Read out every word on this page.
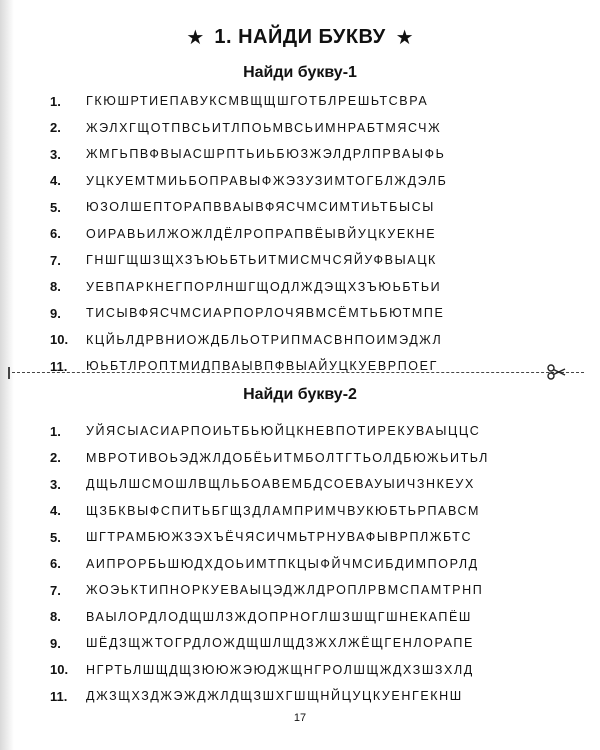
★ 1. НАЙДИ БУКВУ ★
Найди букву-1
1.	ГКЮШРТИЕПАВУКСМВЩЩШГОТБЛРЕШЬТСВРА
2.	ЖЭЛХГЩОТПВСЬИТЛПОЬМВСЬИМНРАБТМЯСЧЖ
3.	ЖМГЬПВФВЫАСШРПТЬИЬБЮЗЖЭЛДРЛПРВАЫФЬ
4.	УЦКУЕМТМИЬБОПРАВЫФЖЭЗУЗИМТОГБЛЖДЭЛБ
5.	ЮЗОЛШЕПТОРАПВВАЫВФЯСЧМСИМТИЬТБЫСЫ
6.	ОИРАВЬИЛЖОЖЛДЁЛРОПРАПВЁЫВЙУЦКУЕКНЕ
7.	ГНШГЩШЗЩХЗЪЮЬБТЬИТМИСМЧСЯЙУФВЫАЦК
8.	УЕВПАРКНЕГПОРЛНШГЩОДЛЖДЭЩХЗЪЮЬБТЬИ
9.	ТИСЫВФЯСЧМСИАРПОРЛОЧЯВМСЁМТЬБЮТМПЕ
10.	КЦЙЬЛДРВНИОЖДБЛЬОТРИПМАСВНПОИМЭДЖЛ
11.	ЮЬБТЛРОПТМИДПВАЫВПФВЫАЙУЦКУЕВРПОЕГ
Найди букву-2
1.	УЙЯСЫАСИАРПОИЬТБЬЮЙЦКНЕВПОТИРЕКУВАЫЦЦС
2.	МВРОТИВОЬЭДЖЛДОБЁЬИТМБОЛТГТЬОЛДБЮЖЬИТЬЛ
3.	ДЩЬЛШСМОШЛВЩЛЬБОАВЕМБДСОЕВАУЫИЧЗНКЕУХ
4.	ЩЗБКВЫФСПИТЬБГЩЗДЛАМПРИМЧВУКЮБТЬРПАВСМ
5.	ШГТРАМБЮЖЗЭХЪЁЧЯСИЧМЬТРНУВАФЫВРПЛЖБТС
6.	АИПРОРБЬШЮДХДОЬИМТПКЦЫФЙЧМСИБДИМПОРЛД
7.	ЖОЭЬКТИПНОРКУЕВАЫЦЭДЖЛДРОПЛРВМСПАМТРНП
8.	ВАЫЛОРДЛОДЩШЛЗЖДОПРНОГЛШЗШЩГШНЕКАПЁШ
9.	ШЁДЗЩЖТОГРДЛОЖДЩШЛЩДЗЖХЛЖЁЩГЕНЛОРАПЕ
10.	НГРТЬЛШЩДЩЗЮЮЖЭЮДЖЩНГРОЛШЩЖДХЗШЗХЛД
11.	ДЖЗЩХЗДЖЭЖДЖЛДЩЗШХГШЩНЙЦУЦКУЕНГЕКНШ
17
